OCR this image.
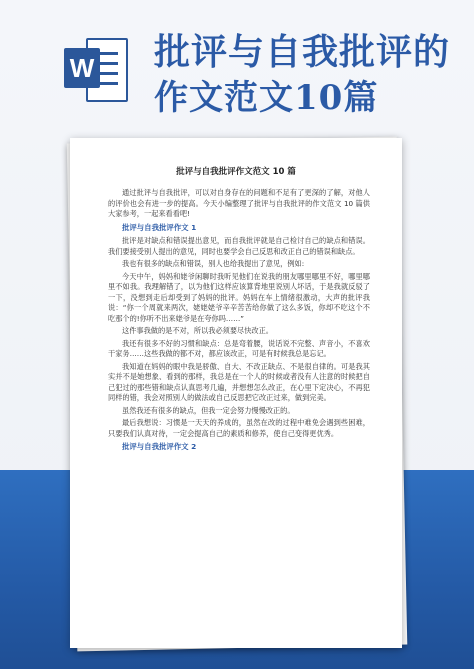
W 批评与自我批评的
作文范文10篇
批评与自我批评作文范文 10 篇

通过批评与自我批评，可以对自身存在的问题和不足有了更深的了解，对他人的评价也会有进一步的提高。今天小编整理了批评与自我批评的作文范文 10 篇供大家参考，一起来看看吧!

批评与自我批评作文 1

批评是对缺点和错误提出意见，而自我批评就是自己检讨自己的缺点和错误。我们要接受别人提出的意见，同时也要学会自己反思和改正自己的错误和缺点。

我也有很多的缺点和错误，别人也给我提出了意见，例如:

今天中午，妈妈和姥爷闲聊时我听见他们在说我的朋友哪里哪里不好，哪里哪里不如我。我理解错了，以为他们这样应该算背地里说别人坏话，于是我就反驳了一下，没想到走后却受到了妈妈的批评。妈妈在车上情绪很激动，大声的批评我说：“你一个周就来两次，姥姥姥爷辛辛苦苦给你做了这么多饭，你却不吃这个不吃那个的!你听不出来姥爷是在夸你吗……”

这件事我做的是不对，所以我必须要尽快改正。

我还有很多不好的习惯和缺点：总是弯着腰，说话说不完整、声音小，不喜欢干家务……这些我做的都不对，都应该改正，可是有时候我总是忘记。

我知道在妈妈的眼中我是骄傲、自大、不改正缺点、不是很自律的。可是我其实并不是她想象、看到的那样，我总是在一个人的时候或者没有人注意的时候把自己犯过的那些错和缺点认真思考几遍，并想想怎么改正，在心里下定决心，不再犯同样的错，我会对照别人的做法或自己反思把它改正过来，做到完美。

虽然我还有很多的缺点，但我一定会努力慢慢改正的。

最后我想说：习惯是一天天的养成的，虽然在改的过程中难免会遇到些困难，只要我们认真对待，一定会提高自己的素质和修养，使自己变得更优秀。

批评与自我批评作文 2
